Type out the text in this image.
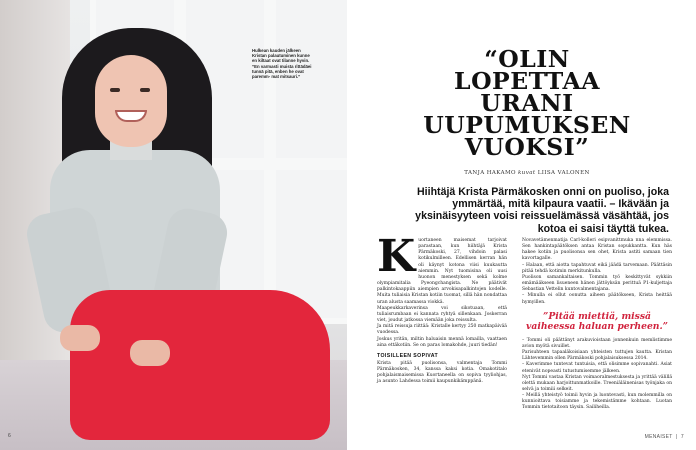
Hulkean kauden jälkeen Kristan palautuminen kunne en kiltaat ovat tilanne hyvin. ”En varmasti muista rittädäei tunnä pitä, enben he ovat paremm- mat mitsauri.”
6
“OLIN
LOPETTAA
URANI
UUPUMUKSEN
VUOKSI”
TANJA HAKAMO kuvat LIISA VALONEN
Hiihtäjä Krista Pärmäkosken onni on puoliso, joka ymmärtää, mitä kilpaura vaatii. – Ikävään ja yksinäisyyteen voisi reissuelämässä väsähtää, jos kotoa ei saisi täyttä tukea.
K uortaneen maisemat tarjoivat parastaan, kun hiihtäjä Krista Pärmäkoski, 27, vihdoin palasi kotikulmilleen. Edellisen kerran hän oli käynyt kotona viisi kuukautta aiemmin. Nyt tuomisina oli uusi huonon menestyksen sekä kolme olympiamitalia Pyeongchangista. Ne päätivät palkintokaappiin aiempien arvokisapalkintojen kodelle. Muita tuliaisia Kristan kotiin tuomat, sillä hän nondattaa uran alusta saamassa viokkä.

Maapeukkarkaverinsa voi sikotuaan, että tuliaisrumbaan ei kannata ryhtyä sillenkaan. Joskerran viet, joudut jatkossa viemään joka reissulta.

Ja mitä reissuja riittää: Kristalle kertyy 250 matkapäivää vuodessa.

Joskus yritän, miltin haluaisin mennä lomailla, vaattaen aina ettäkotiin. Se on paras lomakohde, juuri tiedän!

TOISILLEEN SOPIVAT

Krista pitää puolisonsa, valmentaja Tommi Pärmäkosken, 34, kanssa kaksi kotia. Omakotitalo pohjalaismaisemissa Kuortaneella on sopiva tyyliohjas, ja asunto Lahdessa toimii kaupunkikämppänä.

Novavetämenmatija Carl-kolleri esipvanittmuka nna elemmissa. Sen hankintapäätöksen antaa Kristan sopukkantta. Kun häs hakee kotiin ja puolisonsa sen ohet, Krista astiti samaan tien kavortagalle.

– Halaan, että aiotta tapahtuvat eikä jäädä tarvemaan. Päättäsin pitää tehdä kotimin merkitunkulla.

Puolison samankaltaisen. Tommin työ keskittyvät sykkiin emämääkseen lisueneen hänen jättöyksän perittuä P1-kuljettaja Sebastian Vettelin kuntovalmentajana.

– Minulla ei ollut oonutta aiheen päätökseen, Krista heittää hymyillen.

”Pitää miettiä, missä vaiheessa haluan perheen.”

– Tommi oli päättänyt arakuvioistaan jonnenkuin memlistimme avion myötä sivuillet.

Parisuhteen tapaaläkoisiaan yhteisten tuttujen kautta. Kristan Lähtevemmin ollen Pärmäkoski pohjalaisuksessa 2014.

– Kaverimme tuntevat tuntuisia, että olisimme sopivanahti. Asiat etenivät nopeasti tutustumisemme jälkeen.

Nyt Tommi vastaa Kristan voimaoralmestuksesta ja yrittää välillä olettä mukaan harjoittunmatkoille. Treeniäläinenisas työnjaka on selvä ja toimiii selkeit.

– Meillä yhteistyö toimii hyvin ja luontevasti, kun molemmilla on kunnioittava toisiamme ja tekemistämme kohtaan. Luotan Tommin tietotaitoon täysin. Sailiheilla.

MENAISET  |  7
